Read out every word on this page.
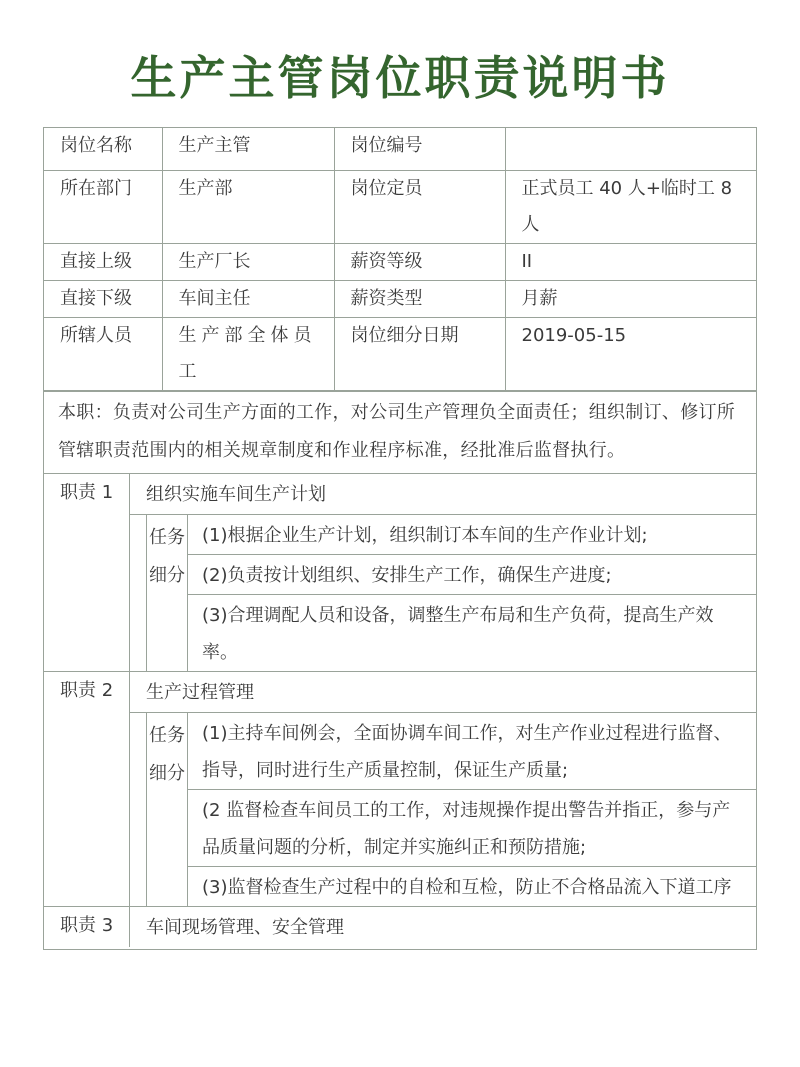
生产主管岗位职责说明书
岗位名称	生产主管	岗位编号	
所在部门	生产部	岗位定员	正式员工 40 人+临时工 8 人
直接上级	生产厂长	薪资等级	II
直接下级	车间主任	薪资类型	月薪
所辖人员	生产部全体员工	岗位细分日期	2019-05-15
本职：负责对公司生产方面的工作，对公司生产管理负全面责任；组织制订、修订所管辖职责范围内的相关规章制度和作业程序标准，经批准后监督执行。
职责 1	组织实施车间生产计划
任务细分
(1)根据企业生产计划，组织制订本车间的生产作业计划;
(2)负责按计划组织、安排生产工作，确保生产进度;
(3)合理调配人员和设备，调整生产布局和生产负荷，提高生产效率。
职责 2	生产过程管理
任务细分
(1)主持车间例会，全面协调车间工作，对生产作业过程进行监督、指导，同时进行生产质量控制，保证生产质量;
(2 监督检查车间员工的工作，对违规操作提出警告并指正，参与产品质量问题的分析，制定并实施纠正和预防措施;
(3)监督检查生产过程中的自检和互检，防止不合格品流入下道工序
职责 3	车间现场管理、安全管理
